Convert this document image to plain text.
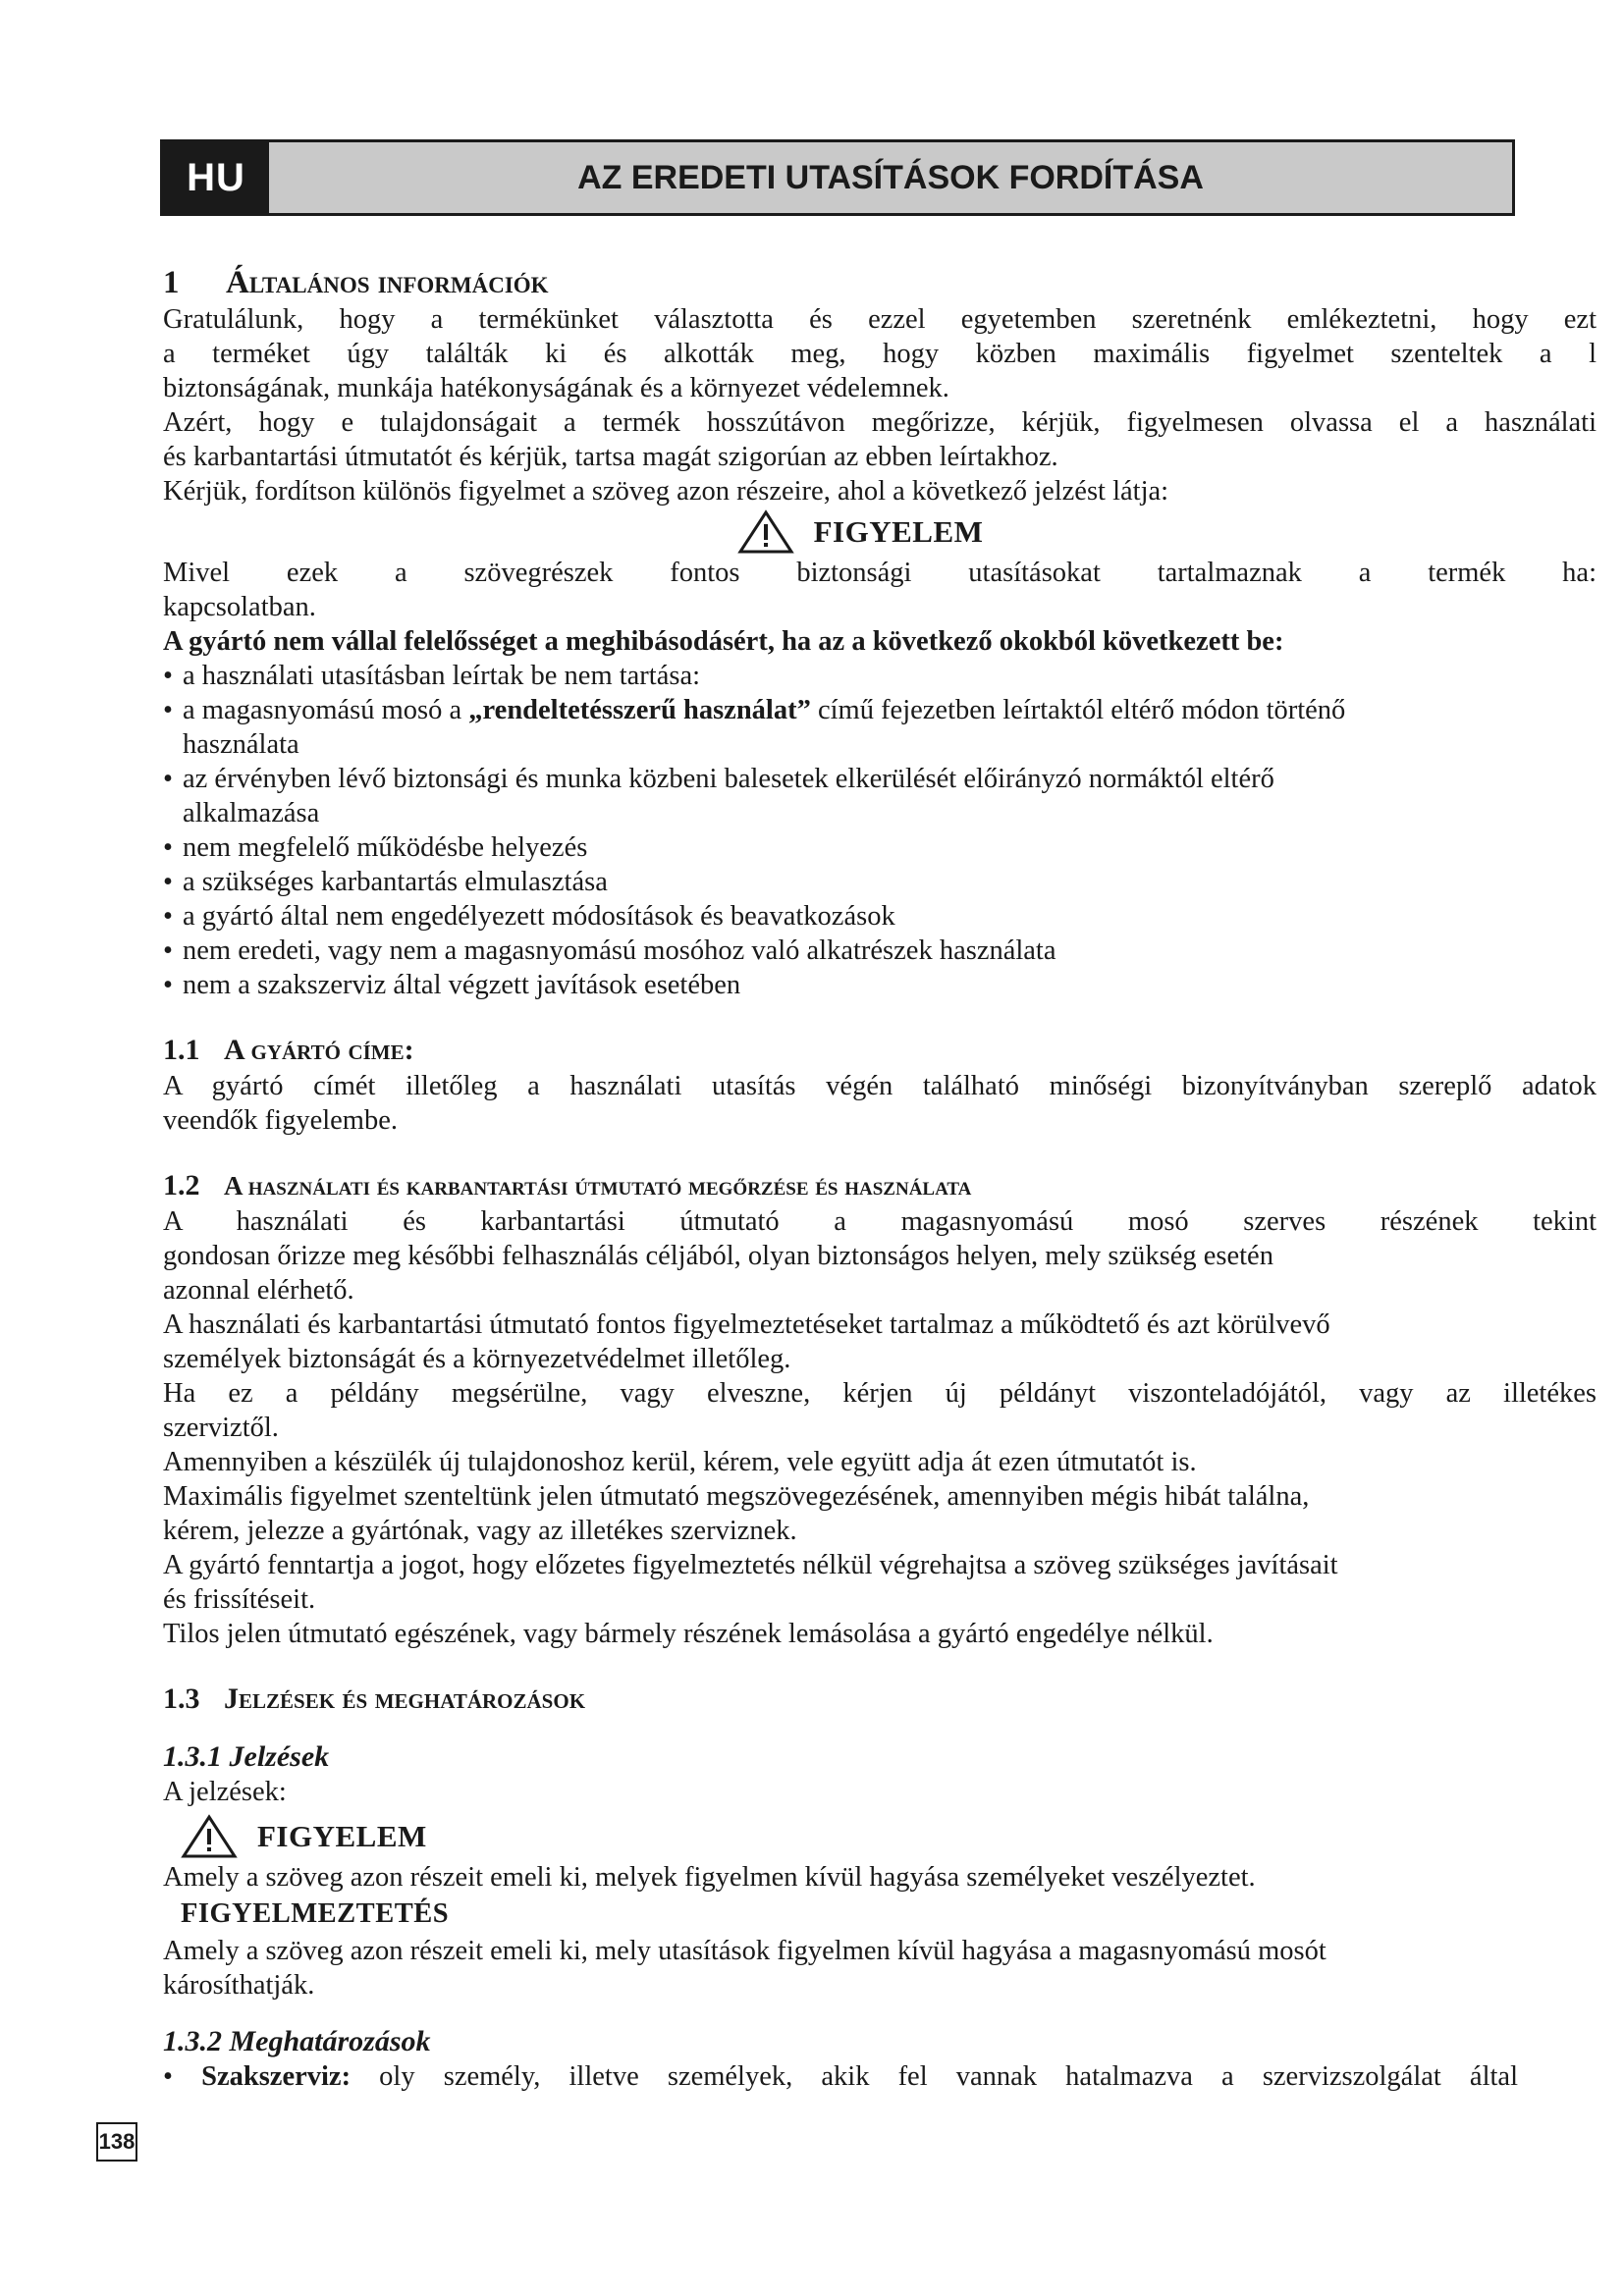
HU	AZ EREDETI UTASÍTÁSOK FORDÍTÁSA
1 Általános információk

Gratulálunk, hogy a termékünket választotta és ezzel egyetemben szeretnénk emlékeztetni, hogy ezt

a terméket úgy találták ki és alkották meg, hogy közben maximális figyelmet szenteltek a l

biztonságának, munkája hatékonyságának és a környezet védelemnek.

Azért, hogy e tulajdonságait a termék hosszútávon megőrizze, kérjük, figyelmesen olvassa el a használati

és karbantartási útmutatót és kérjük, tartsa magát szigorúan az ebben leírtakhoz.

Kérjük, fordítson különös figyelmet a szöveg azon részeire, ahol a következő jelzést látja:

FIGYELEM

Mivel ezek a szövegrészek fontos biztonsági utasításokat tartalmaznak a termék ha:

kapcsolatban.

A gyártó nem vállal felelősséget a meghibásodásért, ha az a következő okokból következett be:

• a használati utasításban leírtak be nem tartása:
• a magasnyomású mosó a „rendeltetésszerű használat” című fejezetben leírtaktól eltérő módon történő
használata
• az érvényben lévő biztonsági és munka közbeni balesetek elkerülését előirányzó normáktól eltérő
alkalmazása
• nem megfelelő működésbe helyezés
• a szükséges karbantartás elmulasztása
• a gyártó által nem engedélyezett módosítások és beavatkozások
• nem eredeti, vagy nem a magasnyomású mosóhoz való alkatrészek használata
• nem a szakszerviz által végzett javítások esetében
1.1 A gyártó címe:

A gyártó címét illetőleg a használati utasítás végén található minőségi bizonyítványban szereplő adatok

veendők figyelembe.

1.2 A használati és karbantartási útmutató megőrzése és használata

A használati és karbantartási útmutató a magasnyomású mosó szerves részének tekint

gondosan őrizze meg későbbi felhasználás céljából, olyan biztonságos helyen, mely szükség esetén

azonnal elérhető.

A használati és karbantartási útmutató fontos figyelmeztetéseket tartalmaz a működtető és azt körülvevő

személyek biztonságát és a környezetvédelmet illetőleg.

Ha ez a példány megsérülne, vagy elveszne, kérjen új példányt viszonteladójától, vagy az illetékes

szerviztől.

Amennyiben a készülék új tulajdonoshoz kerül, kérem, vele együtt adja át ezen útmutatót is.

Maximális figyelmet szenteltünk jelen útmutató megszövegezésének, amennyiben mégis hibát találna,

kérem, jelezze a gyártónak, vagy az illetékes szerviznek.

A gyártó fenntartja a jogot, hogy előzetes figyelmeztetés nélkül végrehajtsa a szöveg szükséges javításait

és frissítéseit.

Tilos jelen útmutató egészének, vagy bármely részének lemásolása a gyártó engedélye nélkül.

1.3 Jelzések és meghatározások
1.3.1 Jelzések

A jelzések:

FIGYELEM

Amely a szöveg azon részeit emeli ki, melyek figyelmen kívül hagyása személyeket veszélyeztet.

FIGYELMEZTETÉS

Amely a szöveg azon részeit emeli ki, mely utasítások figyelmen kívül hagyása a magasnyomású mosót

károsíthatják.

1.3.2 Meghatározások

• Szakszerviz: oly személy, illetve személyek, akik fel vannak hatalmazva a szervizszolgálat által

138
